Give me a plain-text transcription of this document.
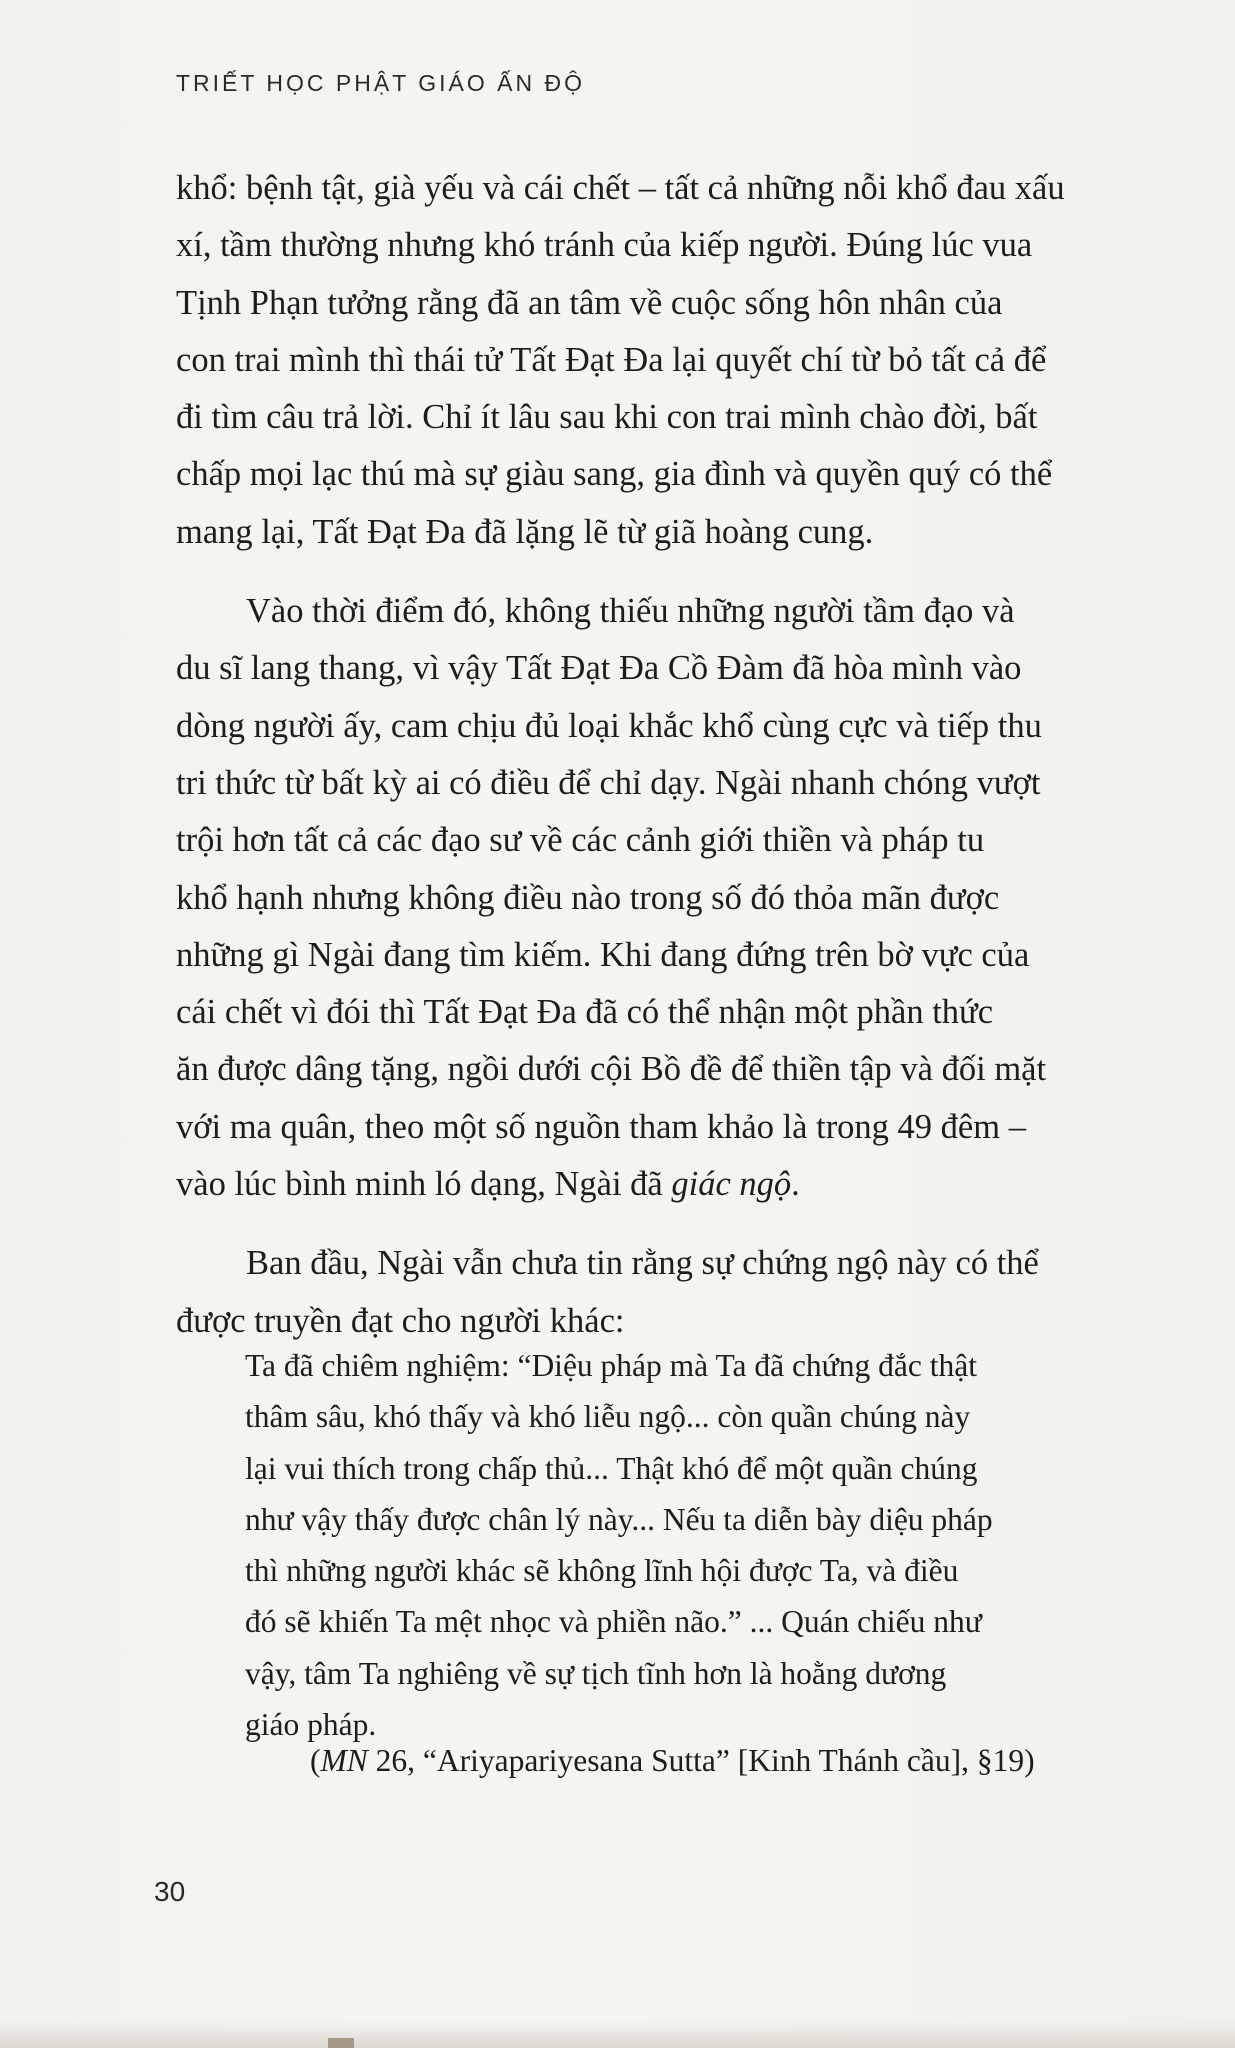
TRIẾT HỌC PHẬT GIÁO ẤN ĐỘ

khổ: bệnh tật, già yếu và cái chết – tất cả những nỗi khổ đau xấu
xí, tầm thường nhưng khó tránh của kiếp người. Đúng lúc vua
Tịnh Phạn tưởng rằng đã an tâm về cuộc sống hôn nhân của
con trai mình thì thái tử Tất Đạt Đa lại quyết chí từ bỏ tất cả để
đi tìm câu trả lời. Chỉ ít lâu sau khi con trai mình chào đời, bất
chấp mọi lạc thú mà sự giàu sang, gia đình và quyền quý có thể
mang lại, Tất Đạt Đa đã lặng lẽ từ giã hoàng cung.

Vào thời điểm đó, không thiếu những người tầm đạo và
du sĩ lang thang, vì vậy Tất Đạt Đa Cồ Đàm đã hòa mình vào
dòng người ấy, cam chịu đủ loại khắc khổ cùng cực và tiếp thu
tri thức từ bất kỳ ai có điều để chỉ dạy. Ngài nhanh chóng vượt
trội hơn tất cả các đạo sư về các cảnh giới thiền và pháp tu
khổ hạnh nhưng không điều nào trong số đó thỏa mãn được
những gì Ngài đang tìm kiếm. Khi đang đứng trên bờ vực của
cái chết vì đói thì Tất Đạt Đa đã có thể nhận một phần thức
ăn được dâng tặng, ngồi dưới cội Bồ đề để thiền tập và đối mặt
với ma quân, theo một số nguồn tham khảo là trong 49 đêm –
vào lúc bình minh ló dạng, Ngài đã giác ngộ.

Ban đầu, Ngài vẫn chưa tin rằng sự chứng ngộ này có thể
được truyền đạt cho người khác:

Ta đã chiêm nghiệm: “Diệu pháp mà Ta đã chứng đắc thật
thâm sâu, khó thấy và khó liễu ngộ... còn quần chúng này
lại vui thích trong chấp thủ... Thật khó để một quần chúng
như vậy thấy được chân lý này... Nếu ta diễn bày diệu pháp
thì những người khác sẽ không lĩnh hội được Ta, và điều
đó sẽ khiến Ta mệt nhọc và phiền não.” ... Quán chiếu như
vậy, tâm Ta nghiêng về sự tịch tĩnh hơn là hoằng dương
giáo pháp.
(MN 26, “Ariyapariyesana Sutta” [Kinh Thánh cầu], §19)
30
